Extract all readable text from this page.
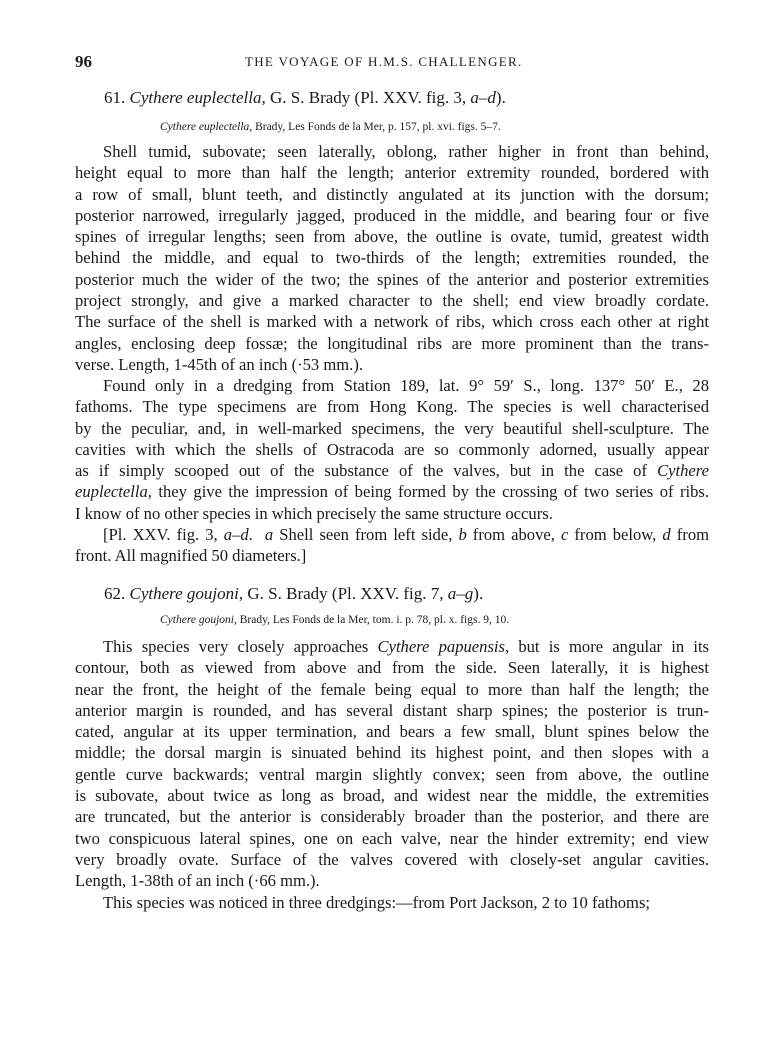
96	THE VOYAGE OF H.M.S. CHALLENGER.
61. Cythere euplectella, G. S. Brady (Pl. XXV. fig. 3, a–d).
Cythere euplectella, Brady, Les Fonds de la Mer, p. 157, pl. xvi. figs. 5–7.
Shell tumid, subovate; seen laterally, oblong, rather higher in front than behind,
height equal to more than half the length; anterior extremity rounded, bordered with
a row of small, blunt teeth, and distinctly angulated at its junction with the dorsum;
posterior narrowed, irregularly jagged, produced in the middle, and bearing four or five
spines of irregular lengths; seen from above, the outline is ovate, tumid, greatest width
behind the middle, and equal to two-thirds of the length; extremities rounded, the
posterior much the wider of the two; the spines of the anterior and posterior extremities
project strongly, and give a marked character to the shell; end view broadly cordate.
The surface of the shell is marked with a network of ribs, which cross each other at right
angles, enclosing deep fossæ; the longitudinal ribs are more prominent than the trans-
verse. Length, 1-45th of an inch (·53 mm.).
Found only in a dredging from Station 189, lat. 9° 59′ S., long. 137° 50′ E., 28
fathoms. The type specimens are from Hong Kong. The species is well characterised
by the peculiar, and, in well-marked specimens, the very beautiful shell-sculpture. The
cavities with which the shells of Ostracoda are so commonly adorned, usually appear
as if simply scooped out of the substance of the valves, but in the case of Cythere
euplectella, they give the impression of being formed by the crossing of two series of ribs.
I know of no other species in which precisely the same structure occurs.
[Pl. XXV. fig. 3, a–d.  a Shell seen from left side, b from above, c from below, d from
front. All magnified 50 diameters.]
62. Cythere goujoni, G. S. Brady (Pl. XXV. fig. 7, a–g).
Cythere goujoni, Brady, Les Fonds de la Mer, tom. i. p. 78, pl. x. figs. 9, 10.
This species very closely approaches Cythere papuensis, but is more angular in its
contour, both as viewed from above and from the side. Seen laterally, it is highest
near the front, the height of the female being equal to more than half the length; the
anterior margin is rounded, and has several distant sharp spines; the posterior is trun-
cated, angular at its upper termination, and bears a few small, blunt spines below the
middle; the dorsal margin is sinuated behind its highest point, and then slopes with a
gentle curve backwards; ventral margin slightly convex; seen from above, the outline
is subovate, about twice as long as broad, and widest near the middle, the extremities
are truncated, but the anterior is considerably broader than the posterior, and there are
two conspicuous lateral spines, one on each valve, near the hinder extremity; end view
very broadly ovate. Surface of the valves covered with closely-set angular cavities.
Length, 1-38th of an inch (·66 mm.).
This species was noticed in three dredgings:—from Port Jackson, 2 to 10 fathoms;
